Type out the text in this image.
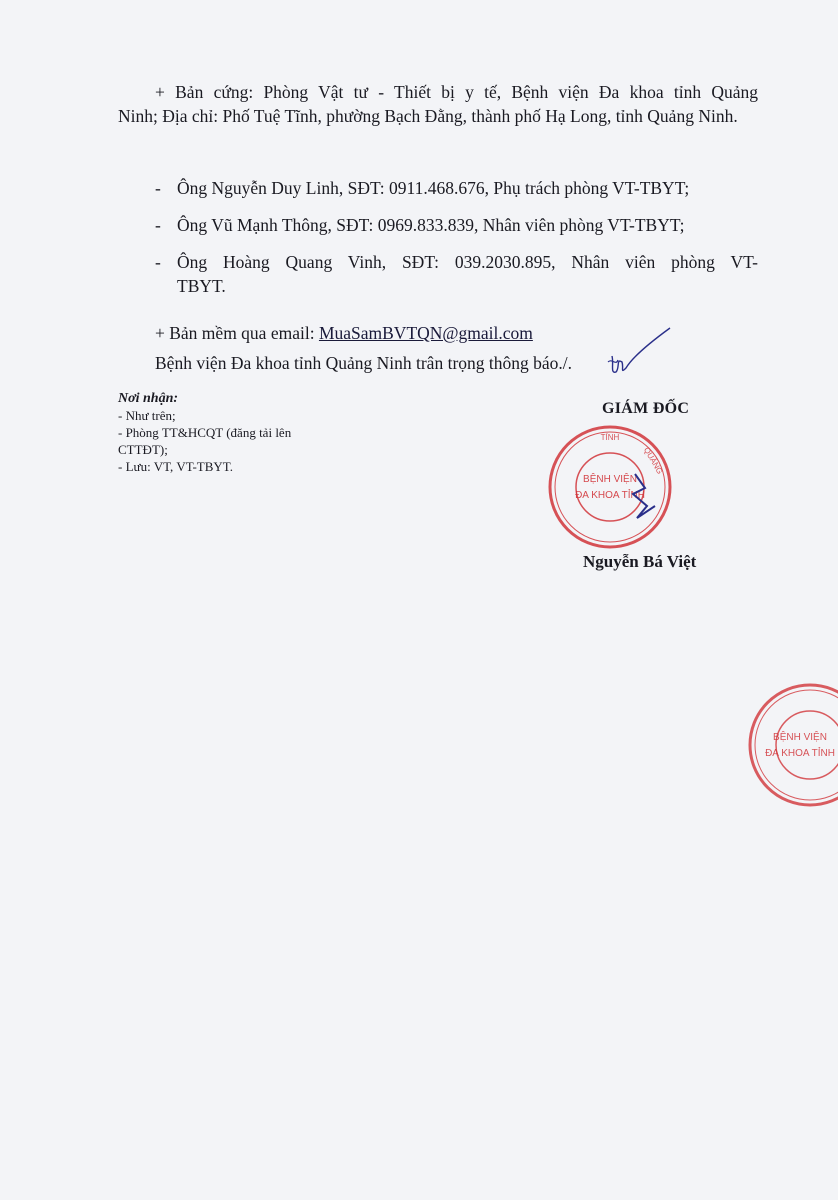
+ Bản cứng: Phòng Vật tư - Thiết bị y tế, Bệnh viện Đa khoa tỉnh Quảng
Ninh; Địa chỉ: Phố Tuệ Tĩnh, phường Bạch Đằng, thành phố Hạ Long, tỉnh Quảng Ninh.

- Ông Nguyễn Duy Linh, SĐT: 0911.468.676, Phụ trách phòng VT-TBYT;
- Ông Vũ Mạnh Thông, SĐT: 0969.833.839, Nhân viên phòng VT-TBYT;
- Ông Hoàng Quang Vinh, SĐT: 039.2030.895, Nhân viên phòng VT-
TBYT.

+ Bản mềm qua email: MuaSamBVTQN@gmail.com

Bệnh viện Đa khoa tỉnh Quảng Ninh trân trọng thông báo./.

Nơi nhận:
- Như trên;
- Phòng TT&HCQT (đăng tải lên
CTTĐT);
- Lưu: VT, VT-TBYT.
GIÁM ĐỐC
TỈNH
QUẢNG
BỆNH VIỆN
ĐA KHOA TỈNH
Nguyễn Bá Việt
BỆNH VIỆN
ĐA KHOA TỈNH
